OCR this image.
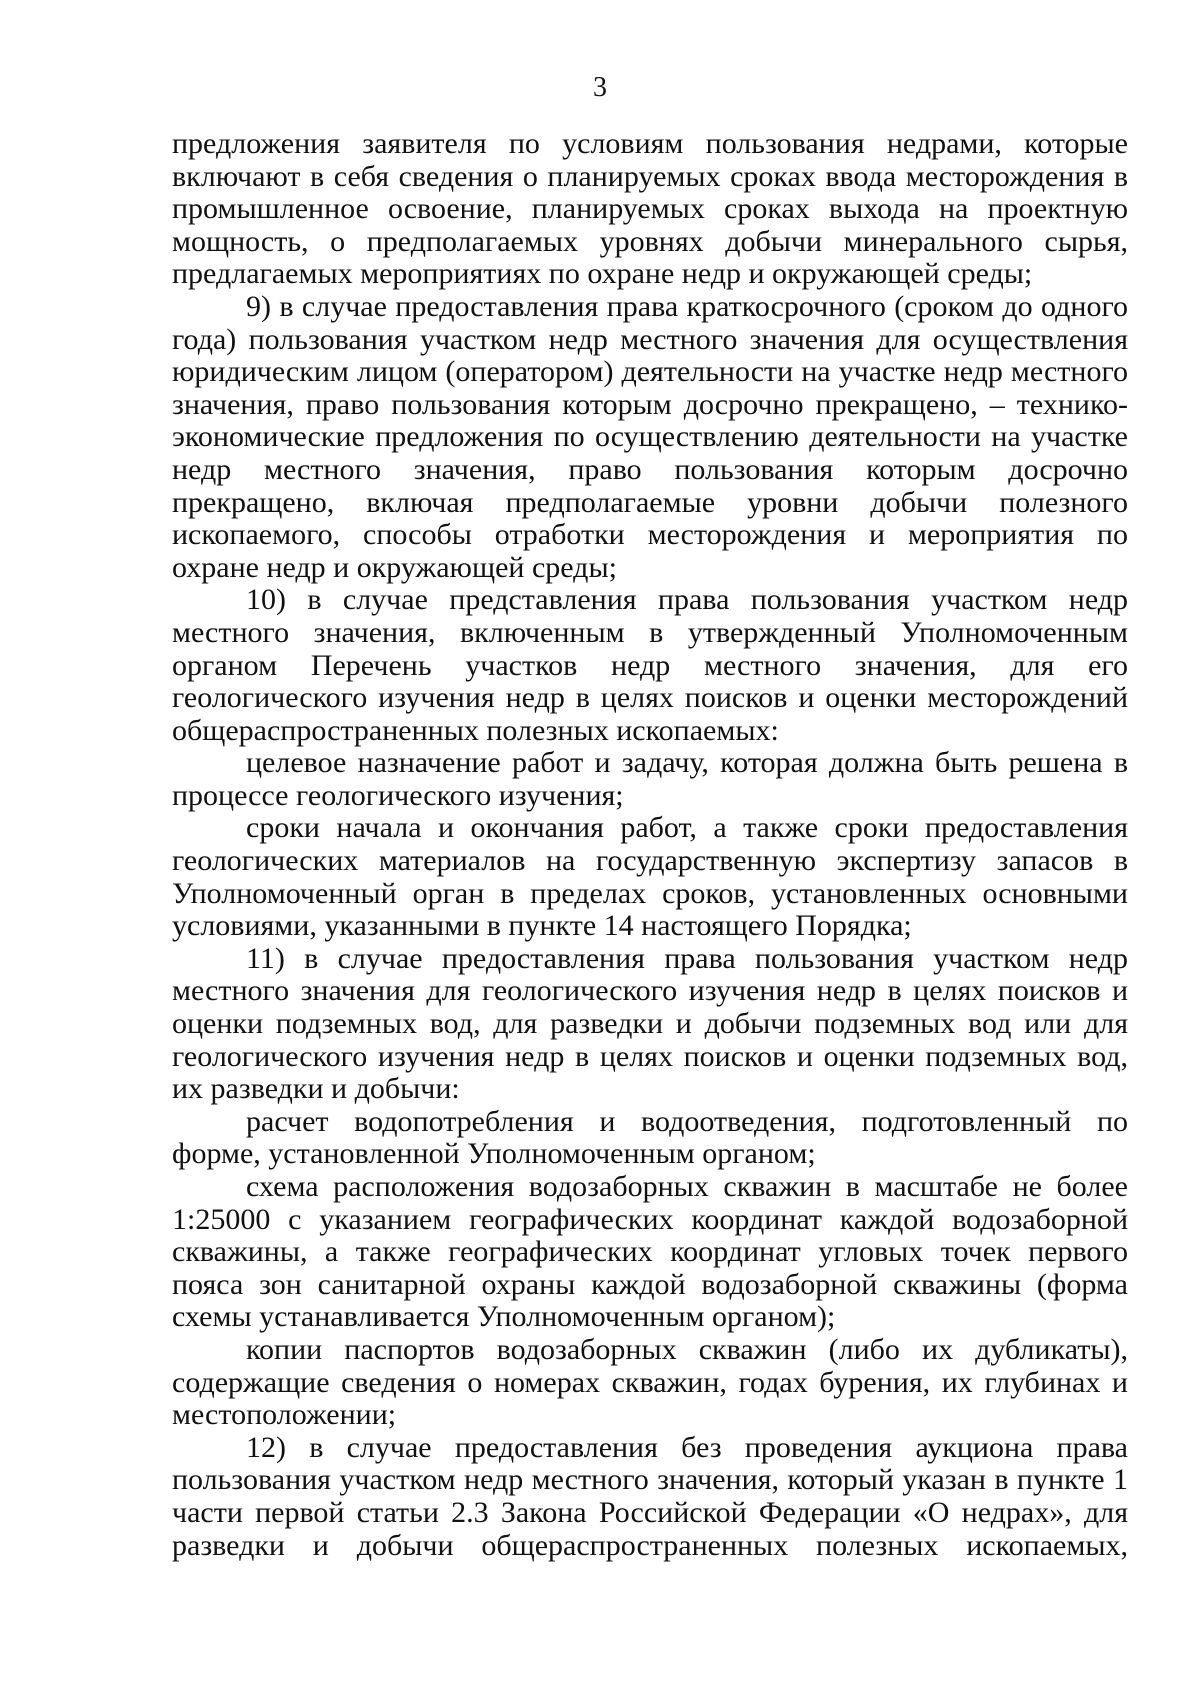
3

предложения заявителя по условиям пользования недрами, которые включают в себя сведения о планируемых сроках ввода месторождения в промышленное освоение, планируемых сроках выхода на проектную мощность, о предполагаемых уровнях добычи минерального сырья, предлагаемых мероприятиях по охране недр и окружающей среды;

9) в случае предоставления права краткосрочного (сроком до одного года) пользования участком недр местного значения для осуществления юридическим лицом (оператором) деятельности на участке недр местного значения, право пользования которым досрочно прекращено, – технико-экономические предложения по осуществлению деятельности на участке недр местного значения, право пользования которым досрочно прекращено, включая предполагаемые уровни добычи полезного ископаемого, способы отработки месторождения и мероприятия по охране недр и окружающей среды;

10) в случае представления права пользования участком недр местного значения, включенным в утвержденный Уполномоченным органом Перечень участков недр местного значения, для его геологического изучения недр в целях поисков и оценки месторождений общераспространенных полезных ископаемых:

целевое назначение работ и задачу, которая должна быть решена в процессе геологического изучения;

сроки начала и окончания работ, а также сроки предоставления геологических материалов на государственную экспертизу запасов в Уполномоченный орган в пределах сроков, установленных основными условиями, указанными в пункте 14 настоящего Порядка;

11) в случае предоставления права пользования участком недр местного значения для геологического изучения недр в целях поисков и оценки подземных вод, для разведки и добычи подземных вод или для геологического изучения недр в целях поисков и оценки подземных вод, их разведки и добычи:

расчет водопотребления и водоотведения, подготовленный по форме, установленной Уполномоченным органом;

схема расположения водозаборных скважин в масштабе не более 1:25000 с указанием географических координат каждой водозаборной скважины, а также географических координат угловых точек первого пояса зон санитарной охраны каждой водозаборной скважины (форма схемы устанавливается Уполномоченным органом);

копии паспортов водозаборных скважин (либо их дубликаты), содержащие сведения о номерах скважин, годах бурения, их глубинах и местоположении;

12) в случае предоставления без проведения аукциона права пользования участком недр местного значения, который указан в пункте 1 части первой статьи 2.3 Закона Российской Федерации «О недрах», для разведки и добычи общераспространенных полезных ископаемых,
